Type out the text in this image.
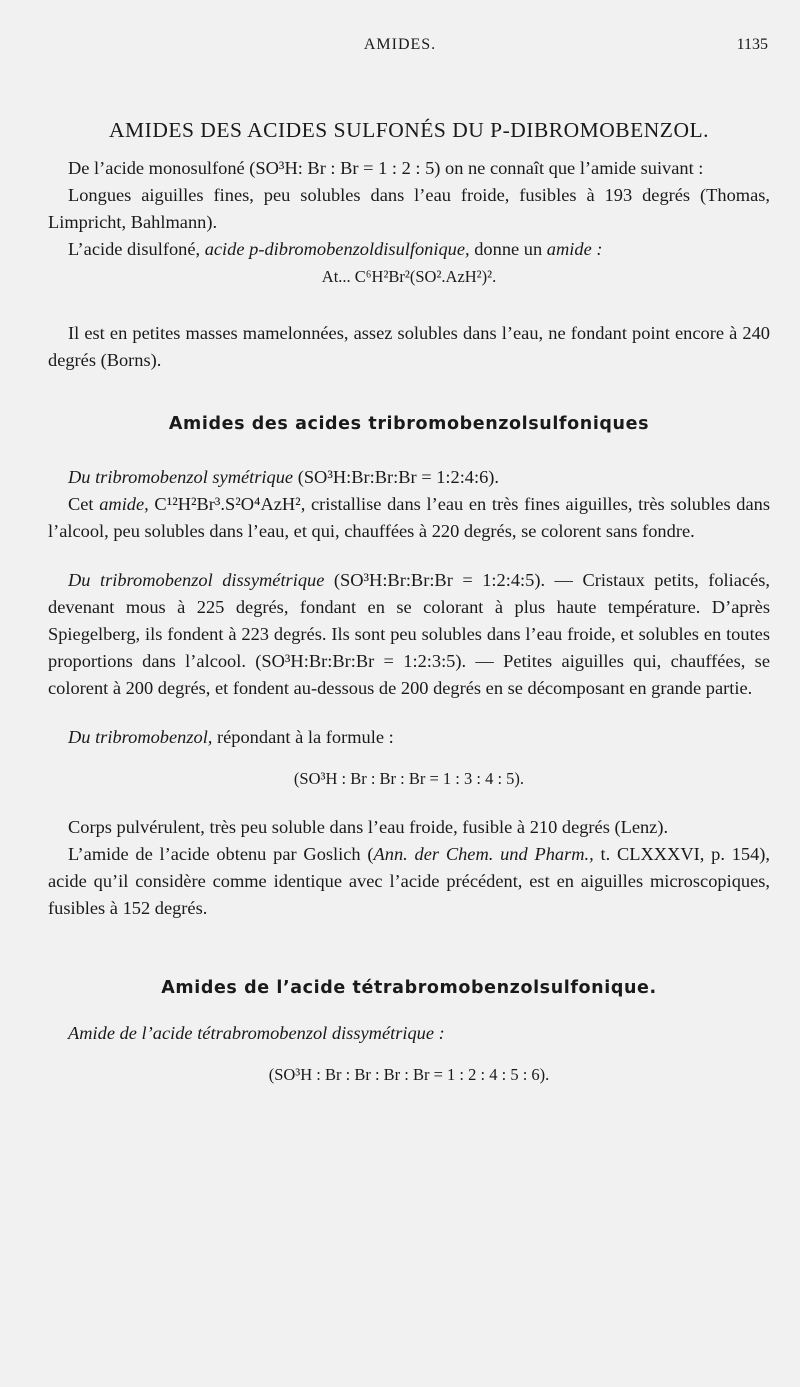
AMIDES.	1135
AMIDES DES ACIDES SULFONÉS DU P-DIBROMOBENZOL.

De l’acide monosulfoné (SO³H: Br : Br = 1 : 2 : 5) on ne connaît que l’amide suivant :

Longues aiguilles fines, peu solubles dans l’eau froide, fusibles à 193 degrés (Thomas, Limpricht, Bahlmann).

L’acide disulfoné, acide p-dibromobenzoldisulfonique, donne un amide :

At... C⁶H²Br²(SO².AzH²)².

Il est en petites masses mamelonnées, assez solubles dans l’eau, ne fondant point encore à 240 degrés (Borns).

Amides des acides tribromobenzolsulfoniques

Du tribromobenzol symétrique (SO³H:Br:Br:Br = 1:2:4:6).

Cet amide, C¹²H²Br³.S²O⁴AzH², cristallise dans l’eau en très fines aiguilles, très solubles dans l’alcool, peu solubles dans l’eau, et qui, chauffées à 220 degrés, se colorent sans fondre.

Du tribromobenzol dissymétrique (SO³H:Br:Br:Br = 1:2:4:5). — Cristaux petits, foliacés, devenant mous à 225 degrés, fondant en se colorant à plus haute température. D’après Spiegelberg, ils fondent à 223 degrés. Ils sont peu solubles dans l’eau froide, et solubles en toutes proportions dans l’alcool. (SO³H:Br:Br:Br = 1:2:3:5). — Petites aiguilles qui, chauffées, se colorent à 200 degrés, et fondent au-dessous de 200 degrés en se décomposant en grande partie.

Du tribromobenzol, répondant à la formule :

(SO³H : Br : Br : Br = 1 : 3 : 4 : 5).

Corps pulvérulent, très peu soluble dans l’eau froide, fusible à 210 degrés (Lenz).

L’amide de l’acide obtenu par Goslich (Ann. der Chem. und Pharm., t. CLXXXVI, p. 154), acide qu’il considère comme identique avec l’acide précédent, est en aiguilles microscopiques, fusibles à 152 degrés.

Amides de l’acide tétrabromobenzolsulfonique.

Amide de l’acide tétrabromobenzol dissymétrique :

(SO³H : Br : Br : Br : Br = 1 : 2 : 4 : 5 : 6).
